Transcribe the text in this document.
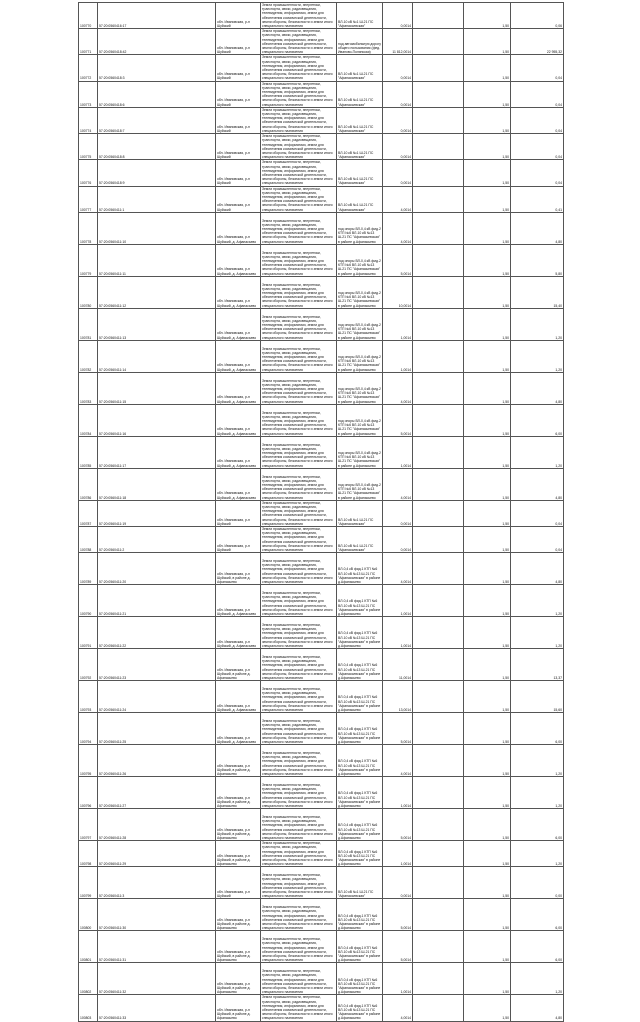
100770	57:20:0560416:17	обл. Ивановская, р-н Шуйский	Земли промышленности, энергетики, транспорта, связи, радиовещания, телевидения, информатики, земли для обеспечения космической деятельности, земли обороны, безопасности и земли иного специального назначения	ВЛ-10 кВ №1 Ш-21 ПС "Афанасьевская"	0,0014		1,50	0,06
100771	57:20:0560418:42	обл. Ивановская, р-н Шуйский	Земли промышленности, энергетики, транспорта, связи, радиовещания, телевидения, информатики, земли для обеспечения космической деятельности, земли обороны, безопасности и земли иного специального назначения	под автомобильную дорогу общего пользования (фед. Иваново-Полянская)	11 812,0014		1,50	22 955,32
100772	57:20:0560418:3	обл. Ивановская, р-н Шуйский	Земли промышленности, энергетики, транспорта, связи, радиовещания, телевидения, информатики, земли для обеспечения космической деятельности, земли обороны, безопасности и земли иного специального назначения	ВЛ-10 кВ №1 Ш-21 ПС "Афанасьевская"	0,0014		1,50	0,04
100773	57:20:0560418:6	обл. Ивановская, р-н Шуйский	Земли промышленности, энергетики, транспорта, связи, радиовещания, телевидения, информатики, земли для обеспечения космической деятельности, земли обороны, безопасности и земли иного специального назначения	ВЛ-10 кВ №1 Ш-21 ПС "Афанасьевская"	0,0014		1,50	0,04
100774	57:20:0560418:7	обл. Ивановская, р-н Шуйский	Земли промышленности, энергетики, транспорта, связи, радиовещания, телевидения, информатики, земли для обеспечения космической деятельности, земли обороны, безопасности и земли иного специального назначения	ВЛ-10 кВ №1 Ш-21 ПС "Афанасьевская"	0,0014		1,50	0,04
100775	57:20:0560418:8	обл. Ивановская, р-н Шуйский	Земли промышленности, энергетики, транспорта, связи, радиовещания, телевидения, информатики, земли для обеспечения космической деятельности, земли обороны, безопасности и земли иного специального назначения	ВЛ-10 кВ №1 Ш-21 ПС "Афанасьевская"	0,0014		1,50	0,04
100776	57:20:0560418:9	обл. Ивановская, р-н Шуйский	Земли промышленности, энергетики, транспорта, связи, радиовещания, телевидения, информатики, земли для обеспечения космической деятельности, земли обороны, безопасности и земли иного специального назначения	ВЛ-10 кВ №1 Ш-21 ПС "Афанасьевская"	0,0014		1,50	0,04
100777	57:20:0560411:1	обл. Ивановская, р-н Шуйский	Земли промышленности, энергетики, транспорта, связи, радиовещания, телевидения, информатики, земли для обеспечения космической деятельности, земли обороны, безопасности и земли иного специального назначения	ВЛ-10 кВ №1 Ш-21 ПС "Афанасьевская"	4,0014		1,50	0,41
100778	57:20:0560411:10	обл. Ивановская, р-н Шуйский, д. Афанасьево	Земли промышленности, энергетики, транспорта, связи, радиовещания, телевидения, информатики, земли для обеспечения космической деятельности, земли обороны, безопасности и земли иного специального назначения	под опоры ВЛ-0,4 кВ фид.2 КТП №6 ВЛ-10 кВ №13 Ш-21 ПС "Афанасьевская" в районе д.Афанасьево	4,0014		1,50	4,80
100779	57:20:0560411:11	обл. Ивановская, р-н Шуйский, д. Афанасьево	Земли промышленности, энергетики, транспорта, связи, радиовещания, телевидения, информатики, земли для обеспечения космической деятельности, земли обороны, безопасности и земли иного специального назначения	под опоры ВЛ-0,4 кВ фид.2 КТП №6 ВЛ-10 кВ №13 Ш-21 ПС "Афанасьевская" в районе д.Афанасьево	5,0014		1,50	5,80
100780	57:20:0560411:12	обл. Ивановская, р-н Шуйский, д. Афанасьево	Земли промышленности, энергетики, транспорта, связи, радиовещания, телевидения, информатики, земли для обеспечения космической деятельности, земли обороны, безопасности и земли иного специального назначения	под опоры ВЛ-0,4 кВ фид.2 КТП №6 ВЛ-10 кВ №13 Ш-21 ПС "Афанасьевская" в районе д.Афанасьево	10,0014		1,50	15,40
100781	57:20:0560411:13	обл. Ивановская, р-н Шуйский, д. Афанасьево	Земли промышленности, энергетики, транспорта, связи, радиовещания, телевидения, информатики, земли для обеспечения космической деятельности, земли обороны, безопасности и земли иного специального назначения	под опоры ВЛ-0,4 кВ фид.2 КТП №6 ВЛ-10 кВ №13 Ш-21 ПС "Афанасьевская" в районе д.Афанасьево	1,0014		1,50	1,20
100782	57:20:0560411:14	обл. Ивановская, р-н Шуйский, д. Афанасьево	Земли промышленности, энергетики, транспорта, связи, радиовещания, телевидения, информатики, земли для обеспечения космической деятельности, земли обороны, безопасности и земли иного специального назначения	под опоры ВЛ-0,4 кВ фид.2 КТП №6 ВЛ-10 кВ №13 Ш-21 ПС "Афанасьевская" в районе д.Афанасьево	1,0014		1,50	1,20
100783	57:20:0560411:15	обл. Ивановская, р-н Шуйский, д. Афанасьево	Земли промышленности, энергетики, транспорта, связи, радиовещания, телевидения, информатики, земли для обеспечения космической деятельности, земли обороны, безопасности и земли иного специального назначения	под опоры ВЛ-0,4 кВ фид.2 КТП №6 ВЛ-10 кВ №13 Ш-21 ПС "Афанасьевская" в районе д.Афанасьево	4,0014		1,50	4,80
100784	57:20:0560411:16	обл. Ивановская, р-н Шуйский, д. Афанасьево	Земли промышленности, энергетики, транспорта, связи, радиовещания, телевидения, информатики, земли для обеспечения космической деятельности, земли обороны, безопасности и земли иного специального назначения	под опоры ВЛ-0,4 кВ фид.2 КТП №6 ВЛ-10 кВ №13 Ш-21 ПС "Афанасьевская" в районе д.Афанасьево	5,0014		1,50	6,00
100785	57:20:0560411:17	обл. Ивановская, р-н Шуйский, д. Афанасьево	Земли промышленности, энергетики, транспорта, связи, радиовещания, телевидения, информатики, земли для обеспечения космической деятельности, земли обороны, безопасности и земли иного специального назначения	под опоры ВЛ-0,4 кВ фид.2 КТП №6 ВЛ-10 кВ №13 Ш-21 ПС "Афанасьевская" в районе д.Афанасьево	1,0014		1,50	1,20
100786	57:20:0560411:18	обл. Ивановская, р-н Шуйский, д. Афанасьево	Земли промышленности, энергетики, транспорта, связи, радиовещания, телевидения, информатики, земли для обеспечения космической деятельности, земли обороны, безопасности и земли иного специального назначения	под опоры ВЛ-0,4 кВ фид.2 КТП №6 ВЛ-10 кВ №13 Ш-21 ПС "Афанасьевская" в районе д.Афанасьево	4,0014		1,50	4,80
100787	57:20:0560411:19	обл. Ивановская, р-н Шуйский	Земли промышленности, энергетики, транспорта, связи, радиовещания, телевидения, информатики, земли для обеспечения космической деятельности, земли обороны, безопасности и земли иного специального назначения	ВЛ-10 кВ №1 Ш-21 ПС "Афанасьевская"	0,0014		1,50	0,04
100788	57:20:0560411:2	обл. Ивановская, р-н Шуйский	Земли промышленности, энергетики, транспорта, связи, радиовещания, телевидения, информатики, земли для обеспечения космической деятельности, земли обороны, безопасности и земли иного специального назначения	ВЛ-10 кВ №1 Ш-21 ПС "Афанасьевская"	0,0014		1,50	0,04
100789	57:20:0560411:20	обл. Ивановская, р-н Шуйский, в районе д. Афанасьево	Земли промышленности, энергетики, транспорта, связи, радиовещания, телевидения, информатики, земли для обеспечения космической деятельности, земли обороны, безопасности и земли иного специального назначения	ВЛ-0,4 кВ фид.1 КТП №6 ВЛ-10 кВ №13 Ш-21 ПС "Афанасьевская" в районе д.Афанасьево	4,0014		1,50	4,80
100790	57:20:0560411:21	обл. Ивановская, р-н Шуйский, д. Афанасьево	Земли промышленности, энергетики, транспорта, связи, радиовещания, телевидения, информатики, земли для обеспечения космической деятельности, земли обороны, безопасности и земли иного специального назначения	ВЛ-0,4 кВ фид.1 КТП №6 ВЛ-10 кВ №13 Ш-21 ПС "Афанасьевская" в районе д.Афанасьево	1,0014		1,50	1,20
100791	57:20:0560411:22	обл. Ивановская, р-н Шуйский, д. Афанасьево	Земли промышленности, энергетики, транспорта, связи, радиовещания, телевидения, информатики, земли для обеспечения космической деятельности, земли обороны, безопасности и земли иного специального назначения	ВЛ-0,4 кВ фид.1 КТП №6 ВЛ-10 кВ №13 Ш-21 ПС "Афанасьевская" в районе д.Афанасьево	1,0014		1,50	1,20
100792	57:20:0560411:23	обл. Ивановская, р-н Шуйский, в районе д. Афанасьево	Земли промышленности, энергетики, транспорта, связи, радиовещания, телевидения, информатики, земли для обеспечения космической деятельности, земли обороны, безопасности и земли иного специального назначения	ВЛ-0,4 кВ фид.1 КТП №6 ВЛ-10 кВ №13 Ш-21 ПС "Афанасьевская" в районе д.Афанасьево	11,0014		1,50	13,37
100793	57:20:0560411:24	обл. Ивановская, р-н Шуйский, д. Афанасьево	Земли промышленности, энергетики, транспорта, связи, радиовещания, телевидения, информатики, земли для обеспечения космической деятельности, земли обороны, безопасности и земли иного специального назначения	ВЛ-0,4 кВ фид.1 КТП №6 ВЛ-10 кВ №13 Ш-21 ПС "Афанасьевская" в районе д.Афанасьево	13,0014		1,50	15,60
100794	57:20:0560411:25	обл. Ивановская, р-н Шуйский, д. Афанасьево	Земли промышленности, энергетики, транспорта, связи, радиовещания, телевидения, информатики, земли для обеспечения космической деятельности, земли обороны, безопасности и земли иного специального назначения	ВЛ-0,4 кВ фид.1 КТП №6 ВЛ-10 кВ №13 Ш-21 ПС "Афанасьевская" в районе д.Афанасьево	5,0014		1,50	6,00
100795	57:20:0560411:26	обл. Ивановская, р-н Шуйский, в районе д. Афанасьево	Земли промышленности, энергетики, транспорта, связи, радиовещания, телевидения, информатики, земли для обеспечения космической деятельности, земли обороны, безопасности и земли иного специального назначения	ВЛ-0,4 кВ фид.1 КТП №6 ВЛ-10 кВ №13 Ш-21 ПС "Афанасьевская" в районе д.Афанасьево	4,0014		1,50	1,20
100796	57:20:0560411:27	обл. Ивановская, р-н Шуйский, в районе д. Афанасьево	Земли промышленности, энергетики, транспорта, связи, радиовещания, телевидения, информатики, земли для обеспечения космической деятельности, земли обороны, безопасности и земли иного специального назначения	ВЛ-0,4 кВ фид.1 КТП №6 ВЛ-10 кВ №13 Ш-21 ПС "Афанасьевская" в районе д.Афанасьево	1,0014		1,50	1,20
100797	57:20:0560411:28	обл. Ивановская, р-н Шуйский, в районе д. Афанасьево	Земли промышленности, энергетики, транспорта, связи, радиовещания, телевидения, информатики, земли для обеспечения космической деятельности, земли обороны, безопасности и земли иного специального назначения	ВЛ-0,4 кВ фид.1 КТП №6 ВЛ-10 кВ №13 Ш-21 ПС "Афанасьевская" в районе д.Афанасьево	5,0014		1,50	6,00
100798	57:20:0560411:29	обл. Ивановская, р-н Шуйский, в районе д. Афанасьево	Земли промышленности, энергетики, транспорта, связи, радиовещания, телевидения, информатики, земли для обеспечения космической деятельности, земли обороны, безопасности и земли иного специального назначения	ВЛ-0,4 кВ фид.1 КТП №6 ВЛ-10 кВ №13 Ш-21 ПС "Афанасьевская" в районе д.Афанасьево	1,0014		1,50	1,20
100799	57:20:0560411:3	обл. Ивановская, р-н Шуйский	Земли промышленности, энергетики, транспорта, связи, радиовещания, телевидения, информатики, земли для обеспечения космической деятельности, земли обороны, безопасности и земли иного специального назначения	ВЛ-10 кВ №1 Ш-21 ПС "Афанасьевская"	0,0014		1,50	0,00
100800	57:20:0560411:30	обл. Ивановская, р-н Шуйский, в районе д. Афанасьево	Земли промышленности, энергетики, транспорта, связи, радиовещания, телевидения, информатики, земли для обеспечения космической деятельности, земли обороны, безопасности и земли иного специального назначения	ВЛ-0,4 кВ фид.1 КТП №6 ВЛ-10 кВ №13 Ш-21 ПС "Афанасьевская" в районе д.Афанасьево	5,0014		1,50	6,00
100801	57:20:0560411:31	обл. Ивановская, р-н Шуйский, в районе д. Афанасьево	Земли промышленности, энергетики, транспорта, связи, радиовещания, телевидения, информатики, земли для обеспечения космической деятельности, земли обороны, безопасности и земли иного специального назначения	ВЛ-0,4 кВ фид.1 КТП №6 ВЛ-10 кВ №13 Ш-21 ПС "Афанасьевская" в районе д.Афанасьево	5,0014		1,50	6,00
100802	57:20:0560411:32	обл. Ивановская, р-н Шуйский, в районе д. Афанасьево	Земли промышленности, энергетики, транспорта, связи, радиовещания, телевидения, информатики, земли для обеспечения космической деятельности, земли обороны, безопасности и земли иного специального назначения	ВЛ-0,4 кВ фид.1 КТП №6 ВЛ-10 кВ №13 Ш-21 ПС "Афанасьевская" в районе д.Афанасьево	1,0014		1,50	1,20
100803	57:20:0560411:33	обл. Ивановская, р-н Шуйский, в районе д. Афанасьево	Земли промышленности, энергетики, транспорта, связи, радиовещания, телевидения, информатики, земли для обеспечения космической деятельности, земли обороны, безопасности и земли иного специального назначения	ВЛ-0,4 кВ фид.1 КТП №6 ВЛ-10 кВ №13 Ш-21 ПС "Афанасьевская" в районе д.Афанасьево	4,0014		1,50	4,80
